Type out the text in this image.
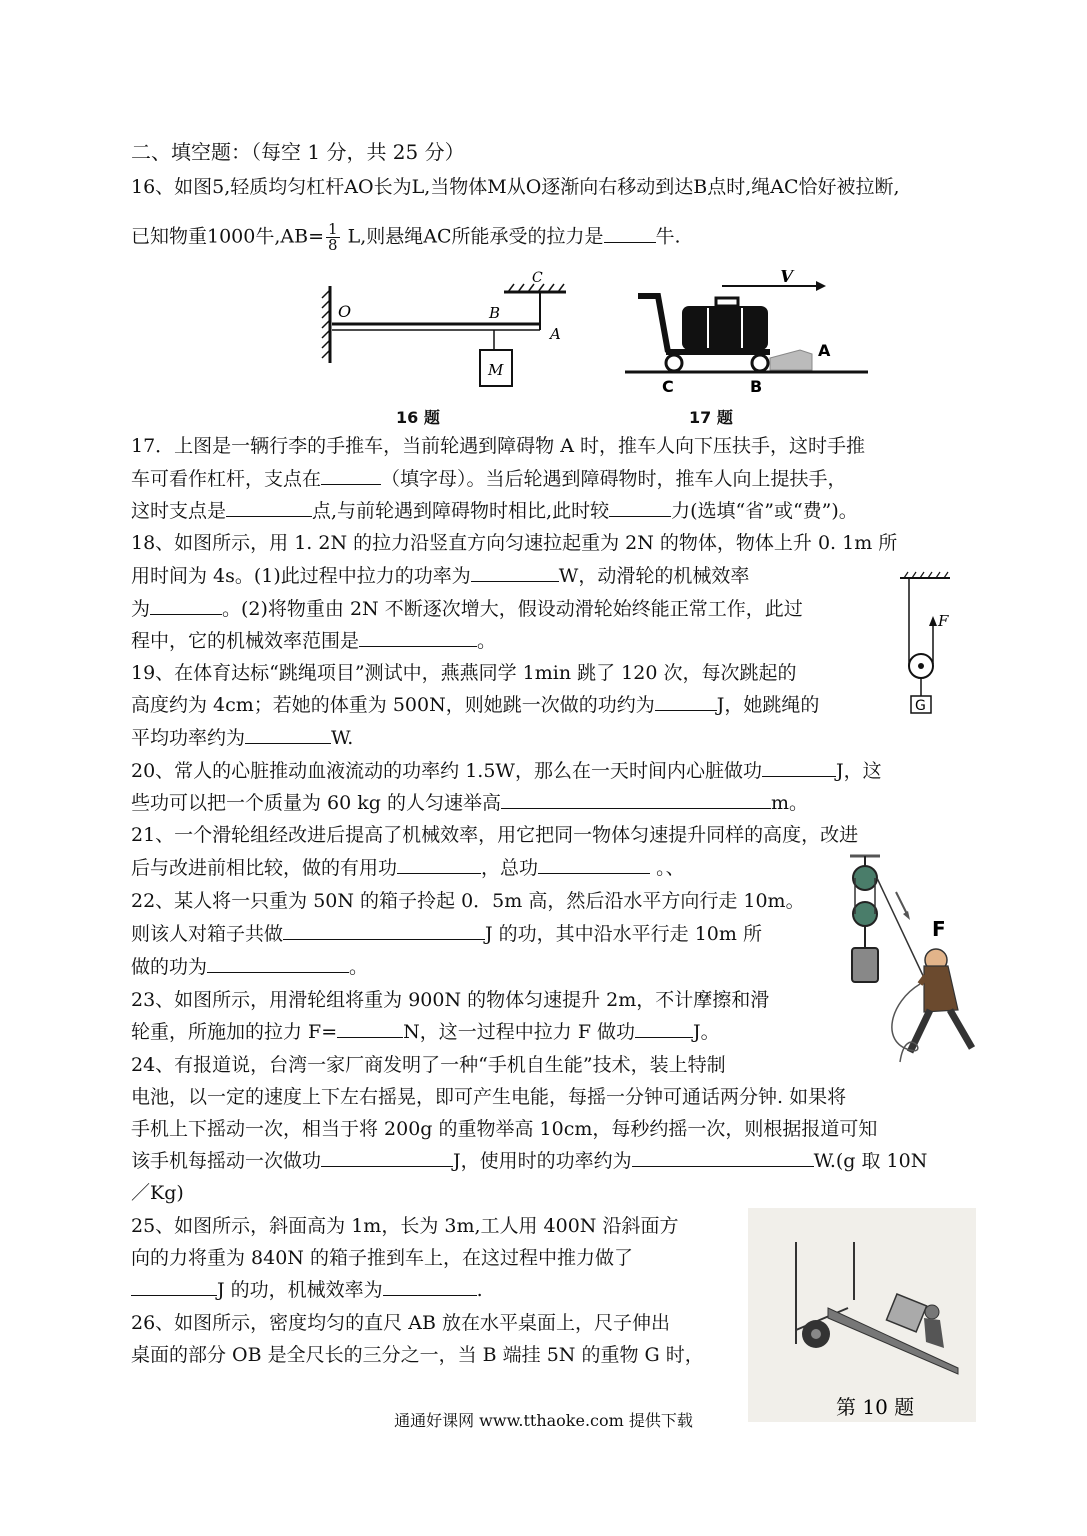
二、填空题：（每空 1 分，共 25 分）
16、如图5,轻质均匀杠杆AO长为L,当物体M从O逐渐向右移动到达B点时,绳AC恰好被拉断,
已知物重1000牛$,AB= \frac{1}{8} L$,则悬绳AC所能承受的拉力是	牛.
O	B
A
C
M
16 题
V
A
C	B
17 题
17．上图是一辆行李的手推车，当前轮遇到障碍物 A 时，推车人向下压扶手，这时手推
车可看作杠杆，支点在	（填字母）。当后轮遇到障碍物时，推车人向上提扶手，
这时支点是	点,与前轮遇到障碍物时相比,此时较	力(选填“省”或“费”)。
18、如图所示，用 1. 2N 的拉力沿竖直方向匀速拉起重为 2N 的物体，物体上升 0. 1m 所
用时间为 4s。(1)此过程中拉力的功率为	W，动滑轮的机械效率
为	。(2)将物重由 2N 不断逐次增大，假设动滑轮始终能正常工作，此过
程中，它的机械效率范围是	。
F
G
19、在体育达标“跳绳项目”测试中，燕燕同学 1min 跳了 120 次，每次跳起的
高度约为 4cm；若她的体重为 500N，则她跳一次做的功约为	J，她跳绳的
平均功率约为	W.
20、常人的心脏推动血液流动的功率约 1.5W，那么在一天时间内心脏做功	J，这
些功可以把一个质量为 60 kg 的人匀速举高	m。
21、一个滑轮组经改进后提高了机械效率，用它把同一物体匀速提升同样的高度，改进
后与改进前相比较，做的有用功	，总功	。、
F
22、某人将一只重为 50N 的箱子拎起 0．5m 高，然后沿水平方向行走 10m。
则该人对箱子共做	J 的功，其中沿水平行走 10m 所
做的功为	。
23、如图所示，用滑轮组将重为 900N 的物体匀速提升 2m，不计摩擦和滑
轮重，所施加的拉力 F=	N，这一过程中拉力 F 做功	J。
24、有报道说，台湾一家厂商发明了一种“手机自生能”技术，装上特制
电池，以一定的速度上下左右摇晃，即可产生电能，每摇一分钟可通话两分钟. 如果将
手机上下摇动一次，相当于将 200g 的重物举高 10cm，每秒约摇一次，则根据报道可知
该手机每摇动一次做功	J，使用时的功率约为	W.(g 取 10N
／Kg)
25、如图所示，斜面高为 1m，长为 3m,工人用 400N 沿斜面方
向的力将重为 840N 的箱子推到车上，在这过程中推力做了
J 的功，机械效率为	.
26、如图所示，密度均匀的直尺 AB 放在水平桌面上，尺子伸出
桌面的部分 OB 是全尺长的三分之一，当 B 端挂 5N 的重物 G 时，
第 10 题
通通好课网 www.tthaoke.com 提供下载
